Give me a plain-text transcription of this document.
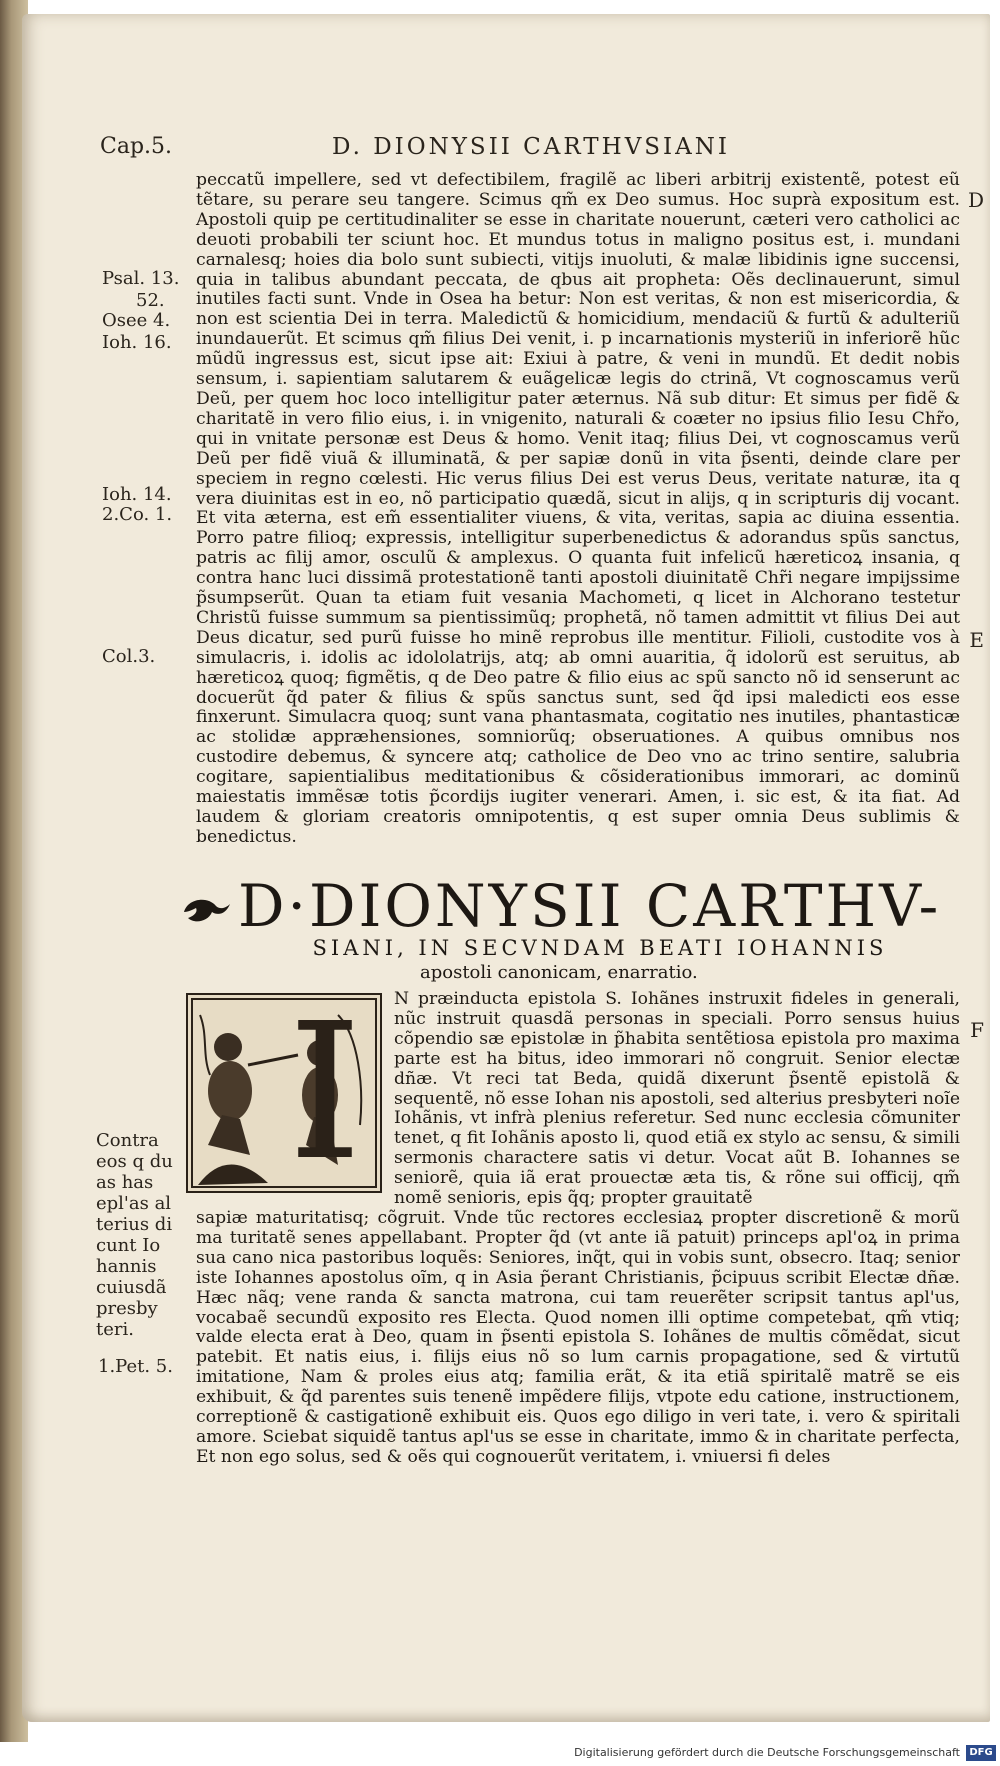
Cap.5.	D. DIONYSII CARTHVSIANI
D
E
F
Psal. 13.
52.
Osee 4.
Ioh. 16.
Ioh. 14.
2.Co. 1.
Col.3.

peccatũ impellere, sed vt defectibilem, fragilẽ ac liberi arbitrij existentẽ, potest eũ tẽtare, su perare seu tangere. Scimus qm̃ ex Deo sumus. Hoc suprà expositum est. Apostoli quip pe certitudinaliter se esse in charitate nouerunt, cæteri vero catholici ac deuoti probabili ter sciunt hoc. Et mundus totus in maligno positus est, i. mundani carnalesq; hoies dia bolo sunt subiecti, vitijs inuoluti, & malæ libidinis igne succensi, quia in talibus abundant peccata, de qbus ait propheta: Oẽs declinauerunt, simul inutiles facti sunt. Vnde in Osea ha betur: Non est veritas, & non est misericordia, & non est scientia Dei in terra. Maledictũ & homicidium, mendaciũ & furtũ & adulteriũ inundauerũt. Et scimus qm̃ filius Dei venit, i. p incarnationis mysteriũ in inferiorẽ hũc mũdũ ingressus est, sicut ipse ait: Exiui à patre, & veni in mundũ. Et dedit nobis sensum, i. sapientiam salutarem & euãgelicæ legis do ctrinã, Vt cognoscamus verũ Deũ, per quem hoc loco intelligitur pater æternus. Nã sub ditur: Et simus per fidẽ & charitatẽ in vero filio eius, i. in vnigenito, naturali & coæter no ipsius filio Iesu Chr̃o, qui in vnitate personæ est Deus & homo. Venit itaq; filius Dei, vt cognoscamus verũ Deũ per fidẽ viuã & illuminatã, & per sapiæ donũ in vita p̃senti, deinde clare per speciem in regno cœlesti. Hic verus filius Dei est verus Deus, veritate naturæ, ita q vera diuinitas est in eo, nõ participatio quædã, sicut in alijs, q in scripturis dij vocant. Et vita æterna, est em̃ essentialiter viuens, & vita, veritas, sapia ac diuina essentia. Porro patre filioq; expressis, intelligitur superbenedictus & adorandus spũs sanctus, patris ac filij amor, osculũ & amplexus. O quanta fuit infelicũ hæreticoꝝ insania, q contra hanc luci dissimã protestationẽ tanti apostoli diuinitatẽ Chr̃i negare impijssime p̃sumpserũt. Quan ta etiam fuit vesania Machometi, q licet in Alchorano testetur Christũ fuisse summum sa pientissimũq; prophetã, nõ tamen admittit vt filius Dei aut Deus dicatur, sed purũ fuisse ho minẽ reprobus ille mentitur. Filioli, custodite vos à simulacris, i. idolis ac idololatrijs, atq; ab omni auaritia, q̃ idolorũ est seruitus, ab hæreticoꝝ quoq; figmẽtis, q de Deo patre & filio eius ac spũ sancto nõ id senserunt ac docuerũt q̃d pater & filius & spũs sanctus sunt, sed q̃d ipsi maledicti eos esse finxerunt. Simulacra quoq; sunt vana phantasmata, cogitatio nes inutiles, phantasticæ ac stolidæ appræhensiones, somniorũq; obseruationes. A quibus omnibus nos custodire debemus, & syncere atq; catholice de Deo vno ac trino sentire, salubria cogitare, sapientialibus meditationibus & cõsiderationibus immorari, ac dominũ maiestatis immẽsæ totis p̃cordijs iugiter venerari. Amen, i. sic est, & ita fiat. Ad laudem & gloriam creatoris omnipotentis, q est super omnia Deus sublimis & benedictus.

D·DIONYSII CARTHV-
SIANI, IN SECVNDAM BEATI IOHANNIS
apostoli canonicam, enarratio.
I	N præinducta epistola S. Iohãnes instruxit fideles in generali, nũc instruit quasdã personas in speciali. Porro sensus huius cõpendio sæ epistolæ in p̃habita sentẽtiosa epistola pro maxima parte est ha bitus, ideo immorari nõ congruit. Senior electæ dñæ. Vt reci tat Beda, quidã dixerunt p̃sentẽ epistolã & sequentẽ, nõ esse Iohan nis apostoli, sed alterius presbyteri noĩe Iohãnis, vt infrà plenius referetur. Sed nunc ecclesia cõmuniter tenet, q fit Iohãnis aposto li, quod etiã ex stylo ac sensu, & simili sermonis charactere satis vi detur. Vocat aũt B. Iohannes se seniorẽ, quia iã erat prouectæ æta tis, & rõne sui officij, qm̃ nomẽ senioris, epis q̃q; propter grauitatẽ

Contra eos q du as has epl'as al terius di cunt Io hannis cuiusdã presby teri.
1.Pet. 5.

sapiæ maturitatisq; cõgruit. Vnde tũc rectores ecclesiaꝝ propter discretionẽ & morũ ma turitatẽ senes appellabant. Propter q̃d (vt ante iã patuit) princeps apl'oꝝ in prima sua cano nica pastoribus loquẽs: Seniores, inq̃t, qui in vobis sunt, obsecro. Itaq; senior iste Iohannes apostolus oĩm, q in Asia p̃erant Christianis, p̃cipuus scribit Electæ dñæ. Hæc nãq; vene randa & sancta matrona, cui tam reuerẽter scripsit tantus apl'us, vocabaẽ secundũ exposito res Electa. Quod nomen illi optime competebat, qm̃ vtiq; valde electa erat à Deo, quam in p̃senti epistola S. Iohãnes de multis cõmẽdat, sicut patebit. Et natis eius, i. filijs eius nõ so lum carnis propagatione, sed & virtutũ imitatione, Nam & proles eius atq; familia erãt, & ita etiã spiritalẽ matrẽ se eis exhibuit, & q̃d parentes suis tenenẽ impẽdere filijs, vtpote edu catione, instructionem, correptionẽ & castigationẽ exhibuit eis. Quos ego diligo in veri tate, i. vero & spiritali amore. Sciebat siquidẽ tantus apl'us se esse in charitate, immo & in charitate perfecta, Et non ego solus, sed & oẽs qui cognouerũt veritatem, i. vniuersi fi deles

Digitalisierung gefördert durch die Deutsche Forschungsgemeinschaft DFG
